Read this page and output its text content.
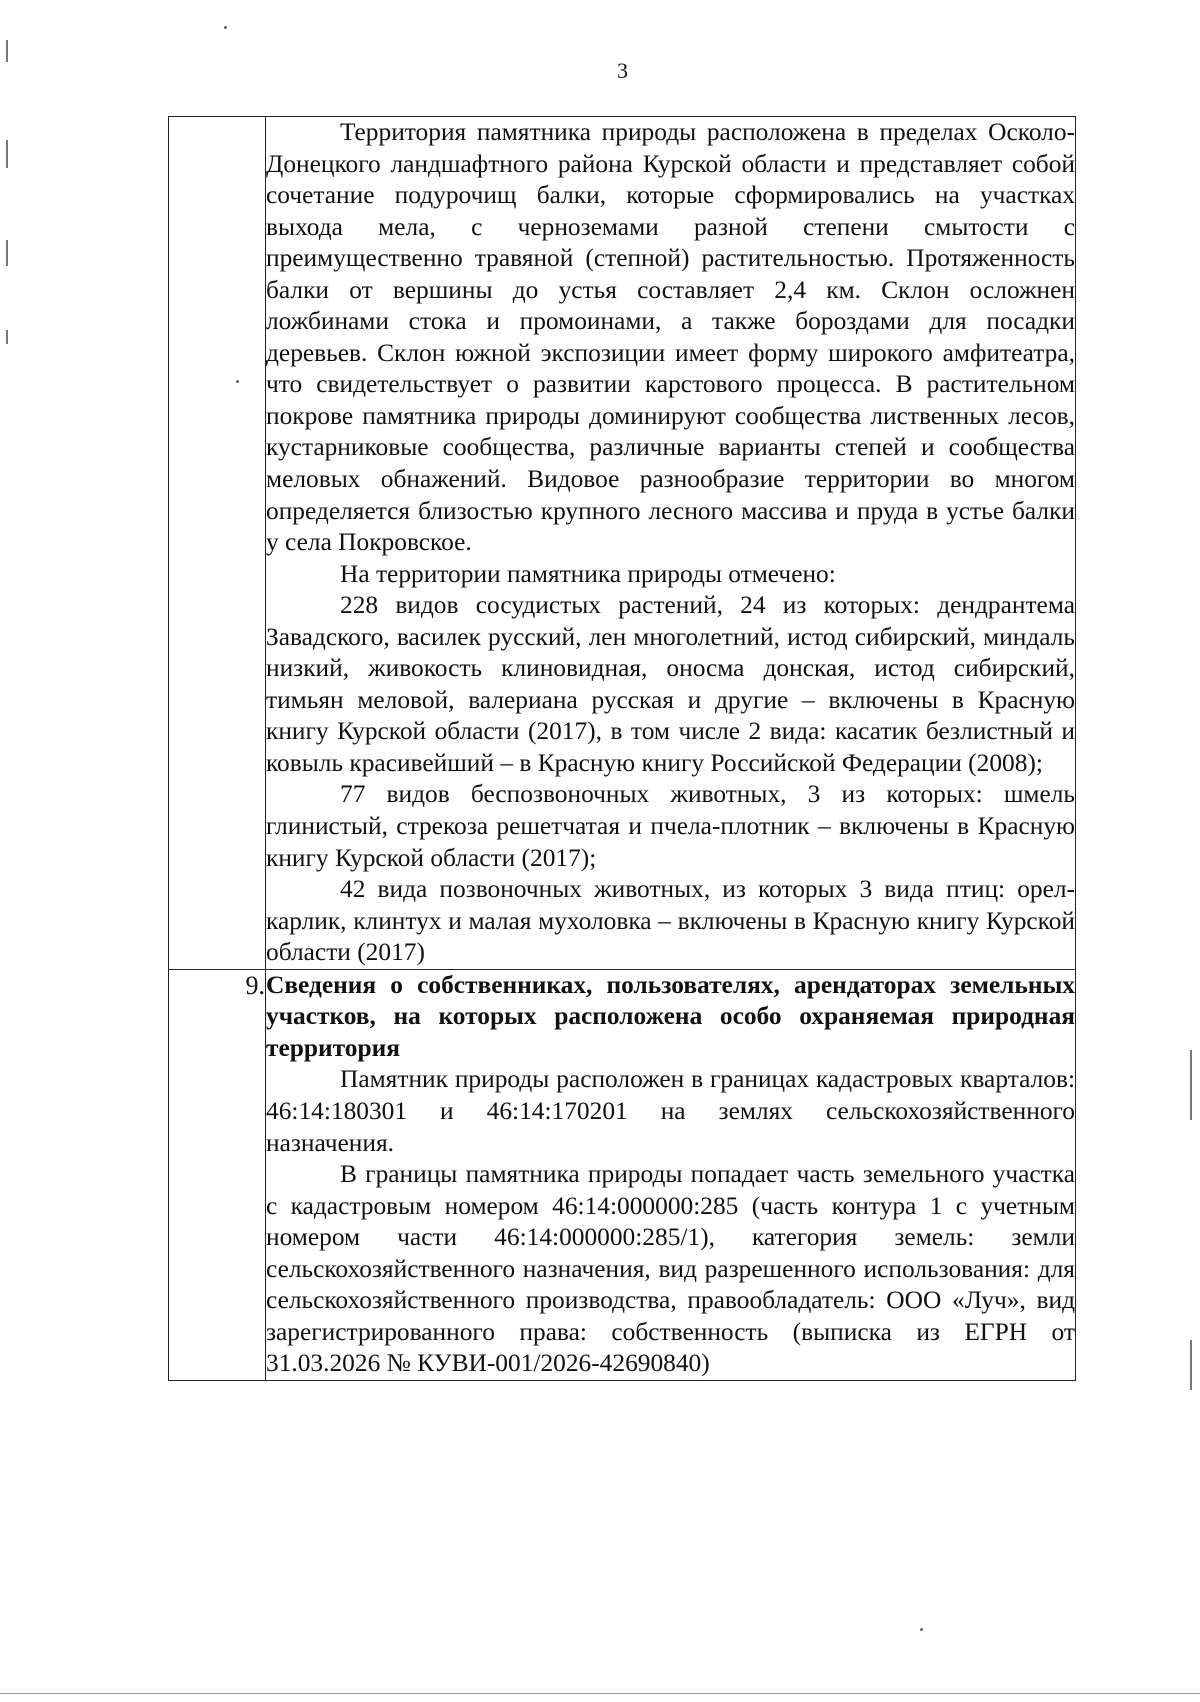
3

	Территория памятника природы расположена в пределах Осколо-Донецкого ландшафтного района Курской области и представляет собой сочетание подурочищ балки, которые сформировались на участках выхода мела, с черноземами разной степени смытости с преимущественно травяной (степной) растительностью. Протяженность балки от вершины до устья составляет 2,4 км. Склон осложнен ложбинами стока и промоинами, а также бороздами для посадки деревьев. Склон южной экспозиции имеет форму широкого амфитеатра, что свидетельствует о развитии карстового процесса. В растительном покрове памятника природы доминируют сообщества лиственных лесов, кустарниковые сообщества, различные варианты степей и сообщества меловых обнажений. Видовое разнообразие территории во многом определяется близостью крупного лесного массива и пруда в устье балки у села Покровское.

На территории памятника природы отмечено:

228 видов сосудистых растений, 24 из которых: дендрантема Завадского, василек русский, лен многолетний, истод сибирский, миндаль низкий, живокость клиновидная, оносма донская, истод сибирский, тимьян меловой, валериана русская и другие – включены в Красную книгу Курской области (2017), в том числе 2 вида: касатик безлистный и ковыль красивейший – в Красную книгу Российской Федерации (2008);

77 видов беспозвоночных животных, 3 из которых: шмель глинистый, стрекоза решетчатая и пчела-плотник – включены в Красную книгу Курской области (2017);

42 вида позвоночных животных, из которых 3 вида птиц: орел-карлик, клинтух и малая мухоловка – включены в Красную книгу Курской области (2017)

9.	Сведения о собственниках, пользователях, арендаторах земельных участков, на которых расположена особо охраняемая природная территория

Памятник природы расположен в границах кадастровых кварталов: 46:14:180301 и 46:14:170201 на землях сельскохозяйственного назначения.

В границы памятника природы попадает часть земельного участка с кадастровым номером 46:14:000000:285 (часть контура 1 с учетным номером части 46:14:000000:285/1), категория земель: земли сельскохозяйственного назначения, вид разрешенного использования: для сельскохозяйственного производства, правообладатель: ООО «Луч», вид зарегистрированного права: собственность (выписка из ЕГРН от 31.03.2026 № КУВИ-001/2026-42690840)
